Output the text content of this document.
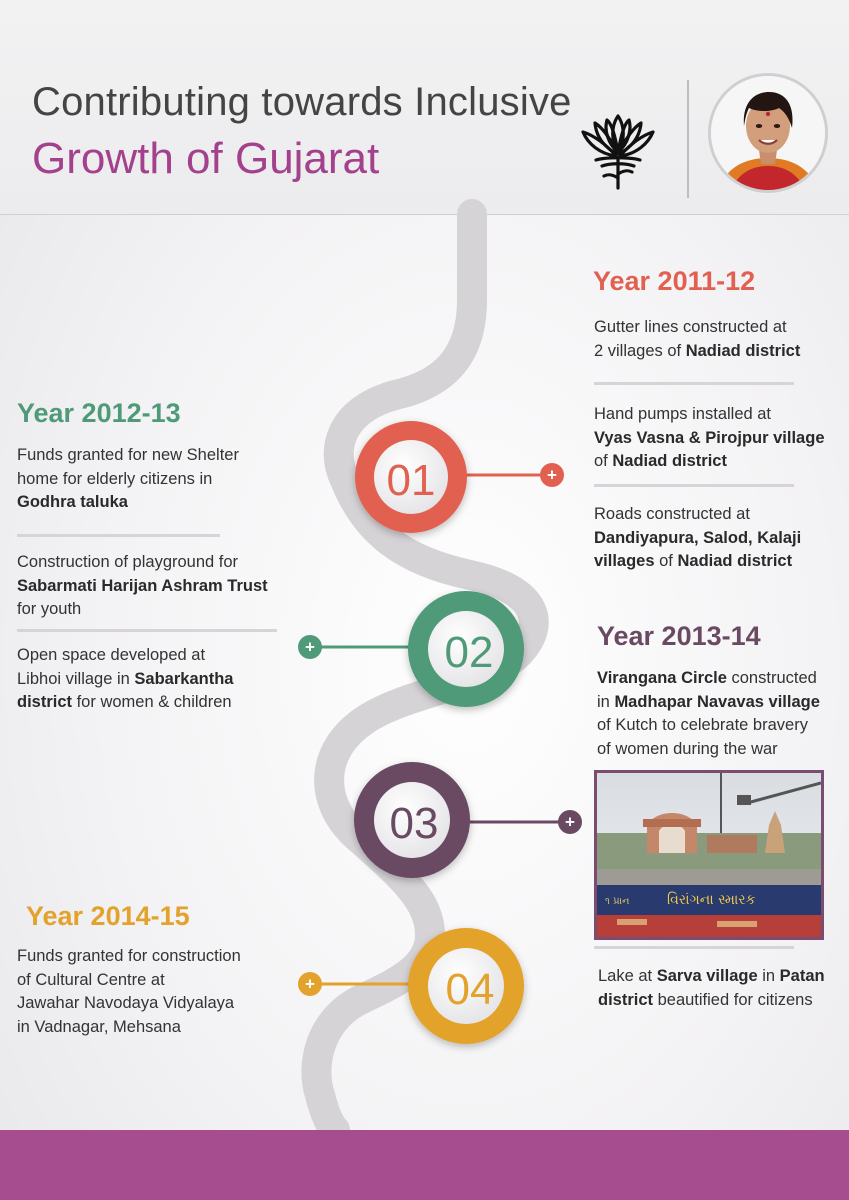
Contributing towards Inclusive
Growth of Gujarat
+
01
+	02
+
03
+	04
Year 2011-12
Gutter lines constructed at
2 villages of Nadiad district
Hand pumps installed at
Vyas Vasna & Pirojpur village
of Nadiad district
Roads constructed at
Dandiyapura, Salod, Kalaji
villages of Nadiad district
Year 2012-13
Funds granted for new Shelter
home for elderly citizens in
Godhra taluka
Construction of playground for
Sabarmati Harijan Ashram Trust
for youth
Open space developed at
Libhoi village in Sabarkantha
district for women & children
Year 2013-14
Virangana Circle constructed
in Madhapar Navavas village
of Kutch to celebrate bravery
of women during the war
૧ પ્રાન	વિરાંગના સ્મારક
Lake at Sarva village in Patan
district beautified for citizens
Year 2014-15
Funds granted for construction
of Cultural Centre at
Jawahar Navodaya Vidyalaya
in Vadnagar, Mehsana
